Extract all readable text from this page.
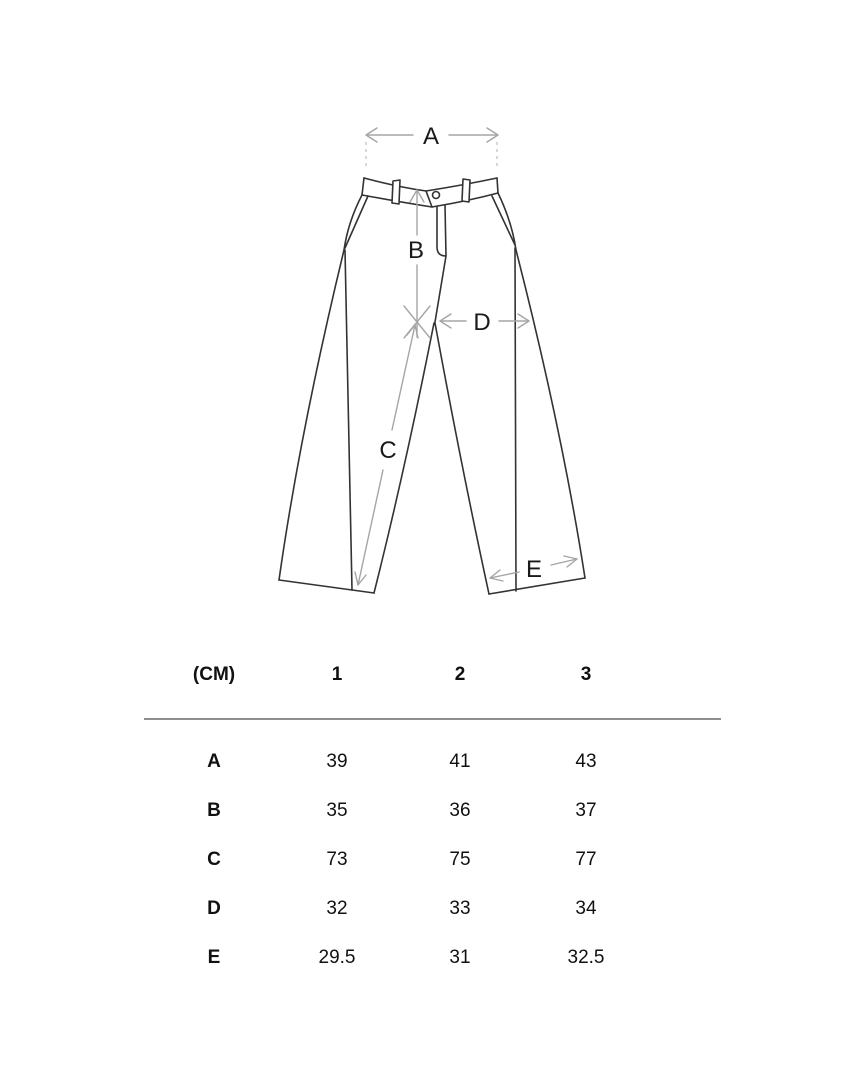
A
B
C
D
E
(CM)	1	2	3
A	39	41	43
B	35	36	37
C	73	75	77
D	32	33	34
E	29.5	31	32.5
